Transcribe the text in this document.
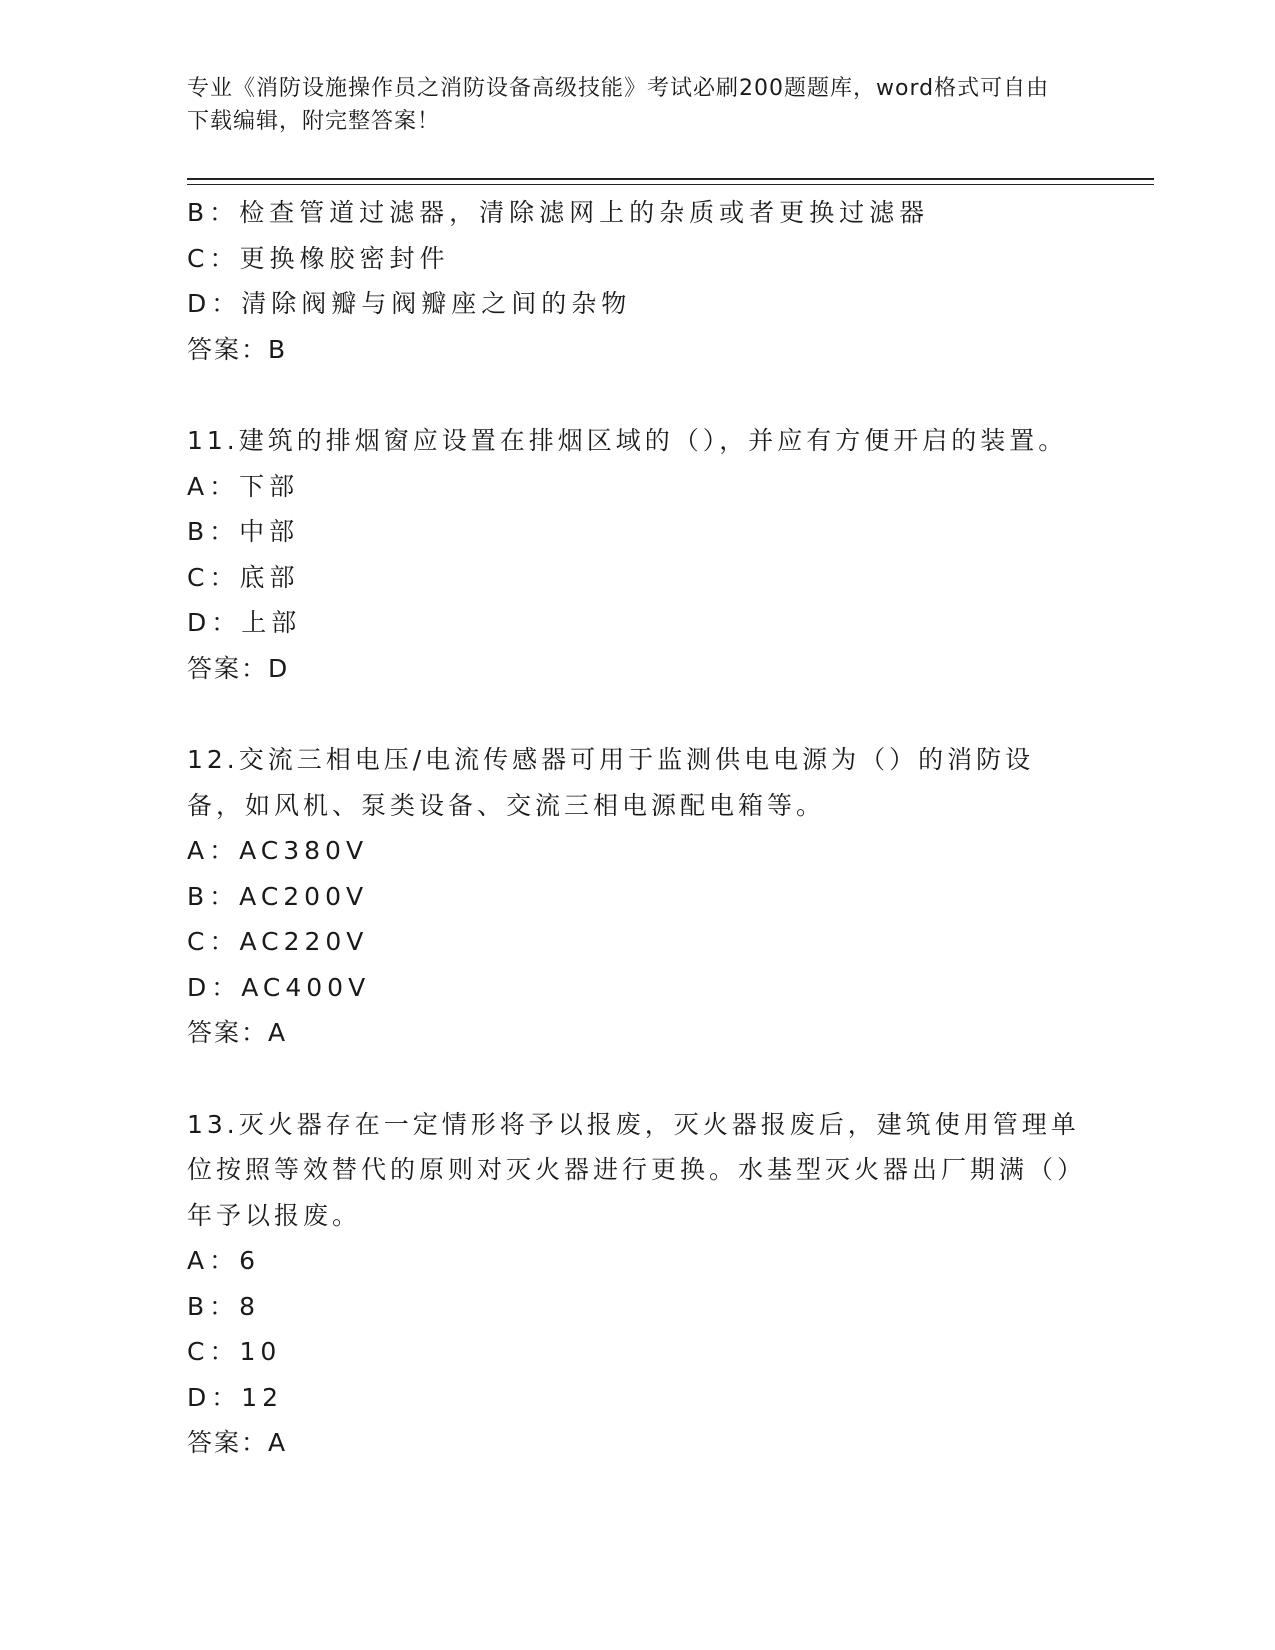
专业《消防设施操作员之消防设备高级技能》考试必刷200题题库，word格式可自由下载编辑，附完整答案！
B：检查管道过滤器，清除滤网上的杂质或者更换过滤器
C：更换橡胶密封件
D：清除阀瓣与阀瓣座之间的杂物
答案：B
11.建筑的排烟窗应设置在排烟区域的（），并应有方便开启的装置。
A：下部
B：中部
C：底部
D：上部
答案：D
12.交流三相电压/电流传感器可用于监测供电电源为（）的消防设备，如风机、泵类设备、交流三相电源配电箱等。
A：AC380V
B：AC200V
C：AC220V
D：AC400V
答案：A
13.灭火器存在一定情形将予以报废，灭火器报废后，建筑使用管理单位按照等效替代的原则对灭火器进行更换。水基型灭火器出厂期满（）年予以报废。
A：6
B：8
C：10
D：12
答案：A
